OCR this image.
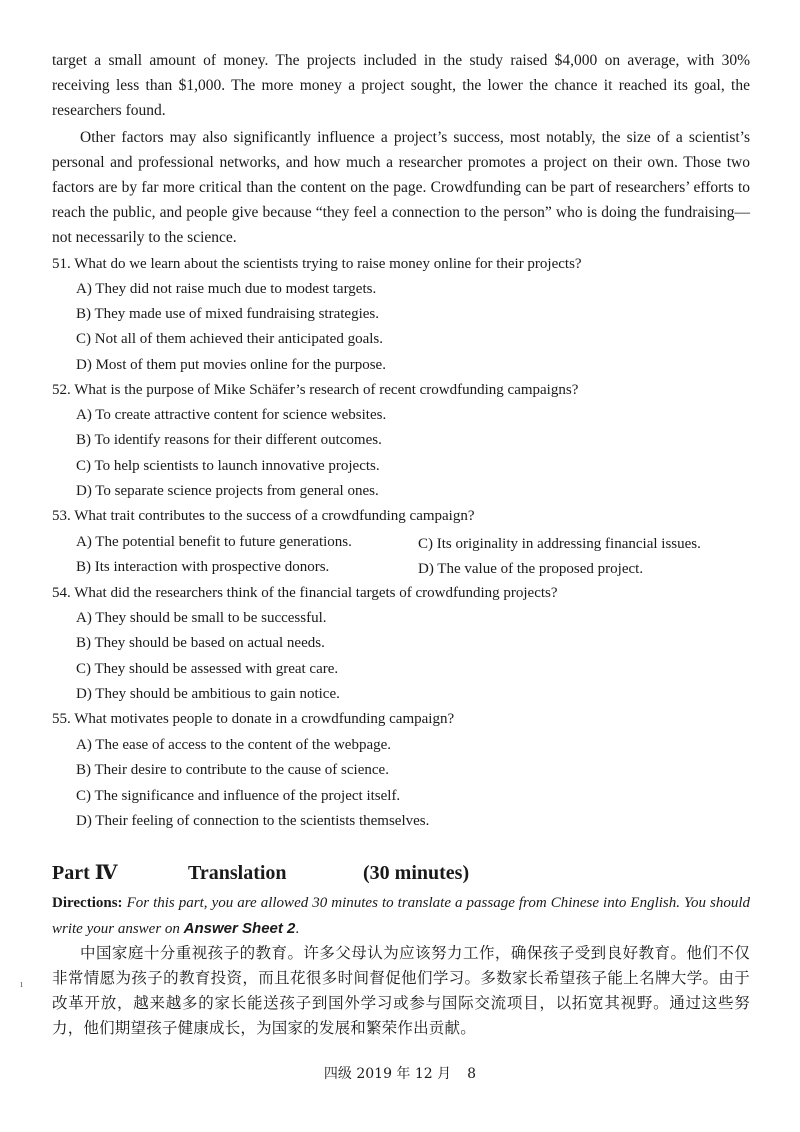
target a small amount of money. The projects included in the study raised $4,000 on average, with 30% receiving less than $1,000. The more money a project sought, the lower the chance it reached its goal, the researchers found.

Other factors may also significantly influence a project’s success, most notably, the size of a scientist’s personal and professional networks, and how much a researcher promotes a project on their own. Those two factors are by far more critical than the content on the page. Crowdfunding can be part of researchers’ efforts to reach the public, and people give because “they feel a connection to the person” who is doing the fundraising—not necessarily to the science.

51. What do we learn about the scientists trying to raise money online for their projects?
A) They did not raise much due to modest targets.
B) They made use of mixed fundraising strategies.
C) Not all of them achieved their anticipated goals.
D) Most of them put movies online for the purpose.
52. What is the purpose of Mike Schäfer’s research of recent crowdfunding campaigns?
A) To create attractive content for science websites.
B) To identify reasons for their different outcomes.
C) To help scientists to launch innovative projects.
D) To separate science projects from general ones.
53. What trait contributes to the success of a crowdfunding campaign?
A) The potential benefit to future generations.	C) Its originality in addressing financial issues.
B) Its interaction with prospective donors.	D) The value of the proposed project.
54. What did the researchers think of the financial targets of crowdfunding projects?
A) They should be small to be successful.
B) They should be based on actual needs.
C) They should be assessed with great care.
D) They should be ambitious to gain notice.
55. What motivates people to donate in a crowdfunding campaign?
A) The ease of access to the content of the webpage.
B) Their desire to contribute to the cause of science.
C) The significance and influence of the project itself.
D) Their feeling of connection to the scientists themselves.
Part Ⅳ	Translation	(30 minutes)

Directions: For this part, you are allowed 30 minutes to translate a passage from Chinese into English. You should write your answer on Answer Sheet 2.

中国家庭十分重视孩子的教育。许多父母认为应该努力工作，确保孩子受到良好教育。他们不仅非常情愿为孩子的教育投资，而且花很多时间督促他们学习。多数家长希望孩子能上名牌大学。由于改革开放，越来越多的家长能送孩子到国外学习或参与国际交流项目，以拓宽其视野。通过这些努力，他们期望孩子健康成长，为国家的发展和繁荣作出贡献。

ı
四级 2019 年 12 月 8
